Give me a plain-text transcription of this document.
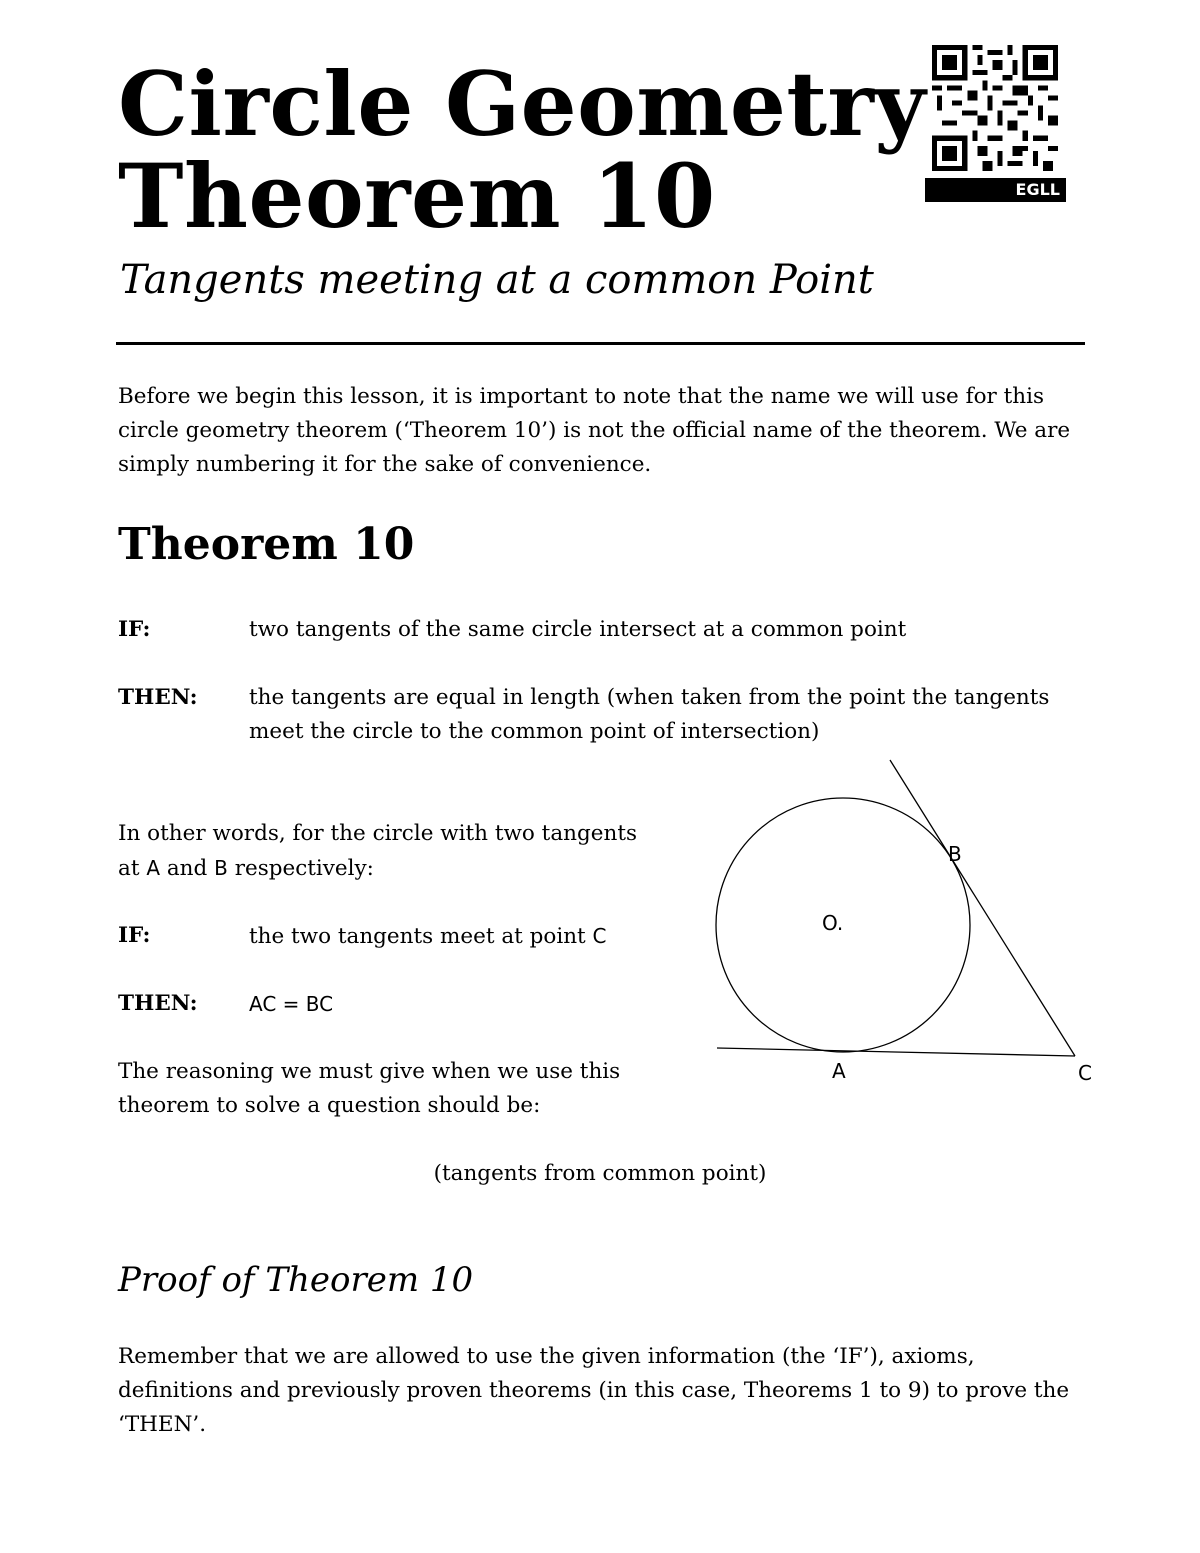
Circle Geometry
Theorem 10
Tangents meeting at a common Point
EGLL

Before we begin this lesson, it is important to note that the name we will use for this circle geometry theorem (‘Theorem 10’) is not the official name of the theorem. We are simply numbering it for the sake of convenience.

Theorem 10
IF:	two tangents of the same circle intersect at a common point
THEN: the tangents are equal in length (when taken from the point the tangents meet the circle to the common point of intersection)
In other words, for the circle with two tangents
at A and B respectively:
IF:	the two tangents meet at point C
THEN:	AC = BC
The reasoning we must give when we use this
theorem to solve a question should be:
(tangents from common point)
O.
B
A	C
Proof of Theorem 10

Remember that we are allowed to use the given information (the ‘IF’), axioms, definitions and previously proven theorems (in this case, Theorems 1 to 9) to prove the ‘THEN’.
